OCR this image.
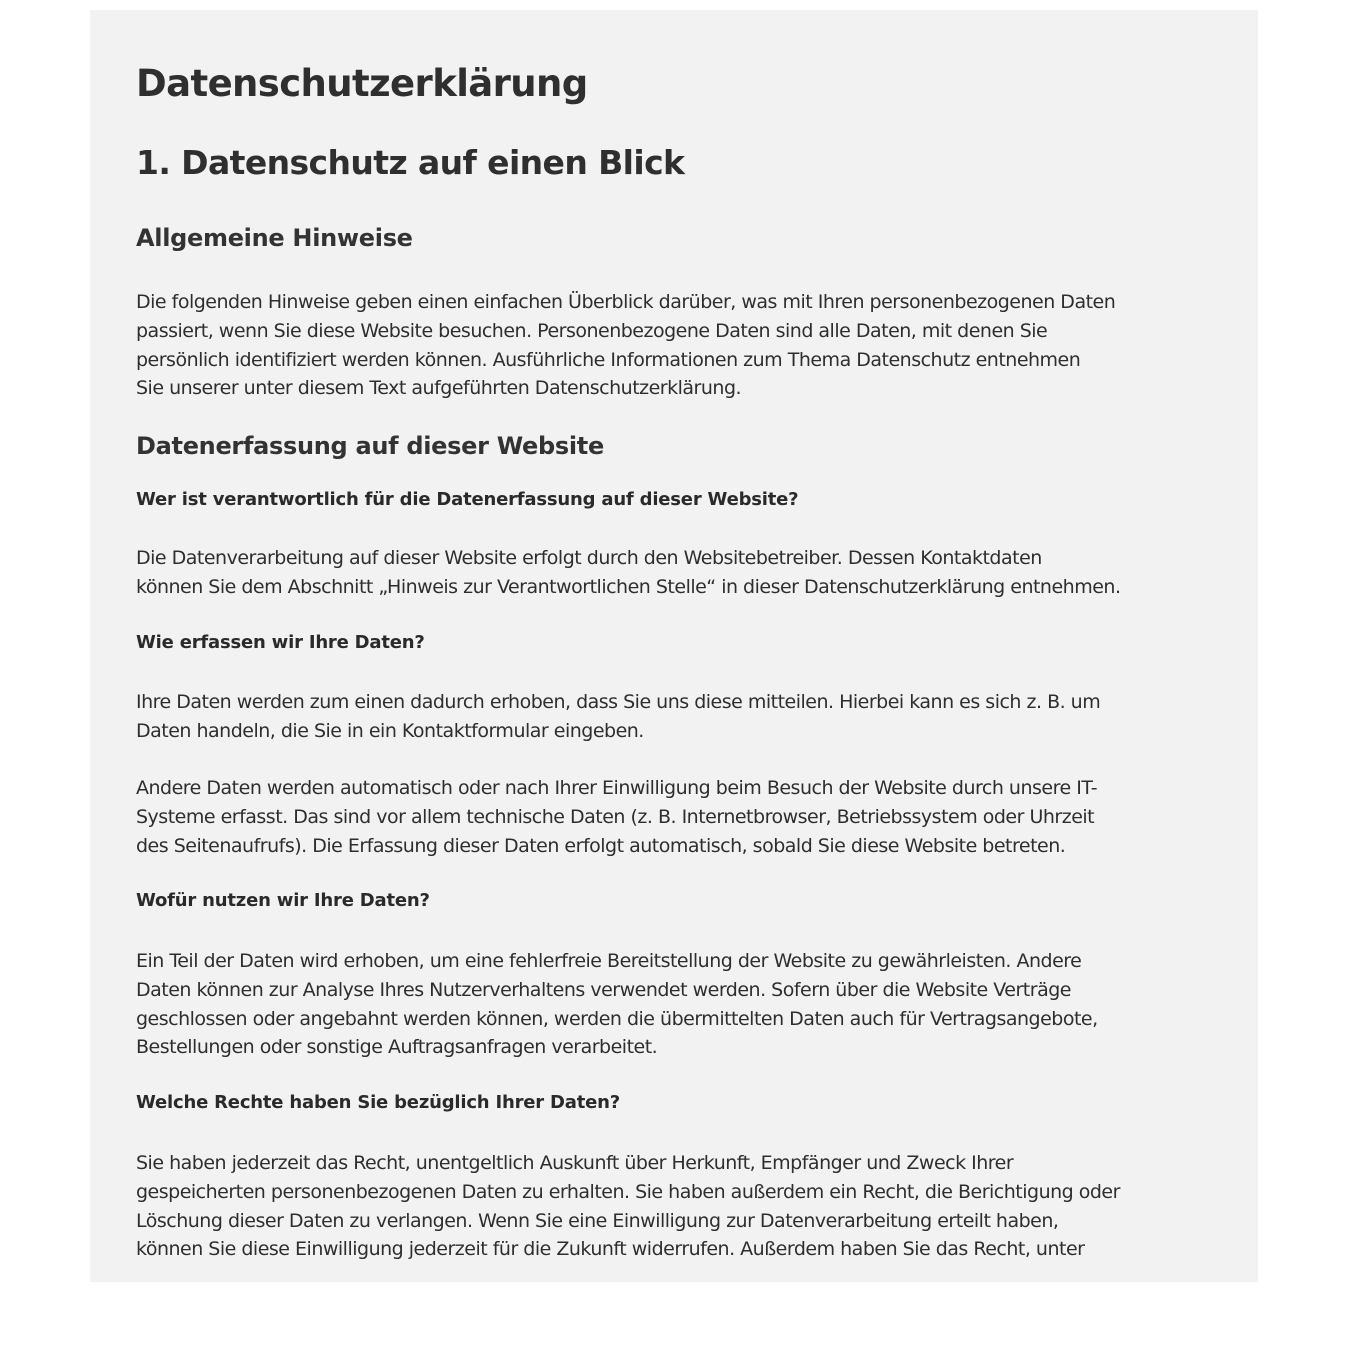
Datenschutzerklärung
1. Datenschutz auf einen Blick
Allgemeine Hinweise

Die folgenden Hinweise geben einen einfachen Überblick darüber, was mit Ihren personenbezogenen Daten
passiert, wenn Sie diese Website besuchen. Personenbezogene Daten sind alle Daten, mit denen Sie
persönlich identifiziert werden können. Ausführliche Informationen zum Thema Datenschutz entnehmen
Sie unserer unter diesem Text aufgeführten Datenschutzerklärung.

Datenerfassung auf dieser Website
Wer ist verantwortlich für die Datenerfassung auf dieser Website?

Die Datenverarbeitung auf dieser Website erfolgt durch den Websitebetreiber. Dessen Kontaktdaten
können Sie dem Abschnitt „Hinweis zur Verantwortlichen Stelle“ in dieser Datenschutzerklärung entnehmen.

Wie erfassen wir Ihre Daten?

Ihre Daten werden zum einen dadurch erhoben, dass Sie uns diese mitteilen. Hierbei kann es sich z. B. um
Daten handeln, die Sie in ein Kontaktformular eingeben.

Andere Daten werden automatisch oder nach Ihrer Einwilligung beim Besuch der Website durch unsere IT-
Systeme erfasst. Das sind vor allem technische Daten (z. B. Internetbrowser, Betriebssystem oder Uhrzeit
des Seitenaufrufs). Die Erfassung dieser Daten erfolgt automatisch, sobald Sie diese Website betreten.

Wofür nutzen wir Ihre Daten?

Ein Teil der Daten wird erhoben, um eine fehlerfreie Bereitstellung der Website zu gewährleisten. Andere
Daten können zur Analyse Ihres Nutzerverhaltens verwendet werden. Sofern über die Website Verträge
geschlossen oder angebahnt werden können, werden die übermittelten Daten auch für Vertragsangebote,
Bestellungen oder sonstige Auftragsanfragen verarbeitet.

Welche Rechte haben Sie bezüglich Ihrer Daten?

Sie haben jederzeit das Recht, unentgeltlich Auskunft über Herkunft, Empfänger und Zweck Ihrer
gespeicherten personenbezogenen Daten zu erhalten. Sie haben außerdem ein Recht, die Berichtigung oder
Löschung dieser Daten zu verlangen. Wenn Sie eine Einwilligung zur Datenverarbeitung erteilt haben,
können Sie diese Einwilligung jederzeit für die Zukunft widerrufen. Außerdem haben Sie das Recht, unter
